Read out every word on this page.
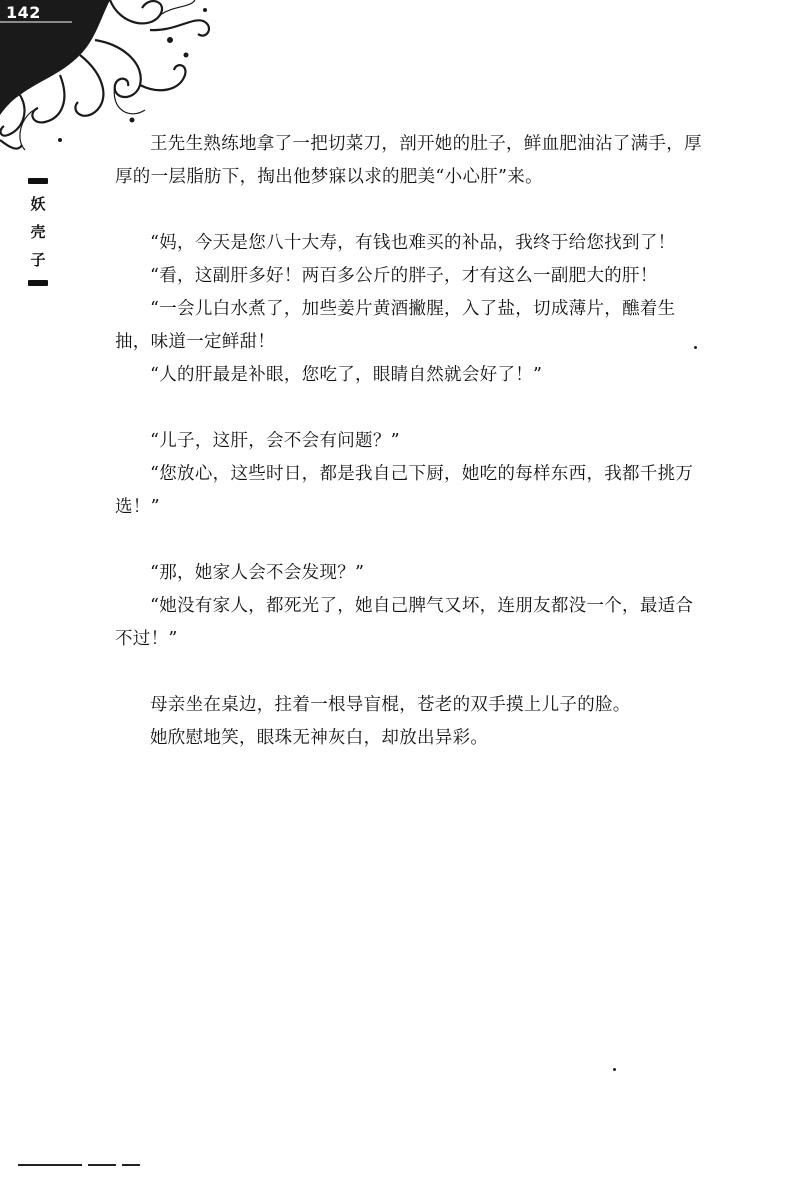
142
妖
壳
子

王先生熟练地拿了一把切菜刀，剖开她的肚子，鲜血肥油沾了满手，厚厚的一层脂肪下，掏出他梦寐以求的肥美“小心肝”来。

“妈，今天是您八十大寿，有钱也难买的补品，我终于给您找到了！

“看，这副肝多好！两百多公斤的胖子，才有这么一副肥大的肝！

“一会儿白水煮了，加些姜片黄酒撇腥，入了盐，切成薄片，醮着生抽，味道一定鲜甜！

“人的肝最是补眼，您吃了，眼睛自然就会好了！”

“儿子，这肝，会不会有问题？”

“您放心，这些时日，都是我自己下厨，她吃的每样东西，我都千挑万选！”

“那，她家人会不会发现？”

“她没有家人，都死光了，她自己脾气又坏，连朋友都没一个，最适合不过！”

母亲坐在桌边，拄着一根导盲棍，苍老的双手摸上儿子的脸。

她欣慰地笑，眼珠无神灰白，却放出异彩。
